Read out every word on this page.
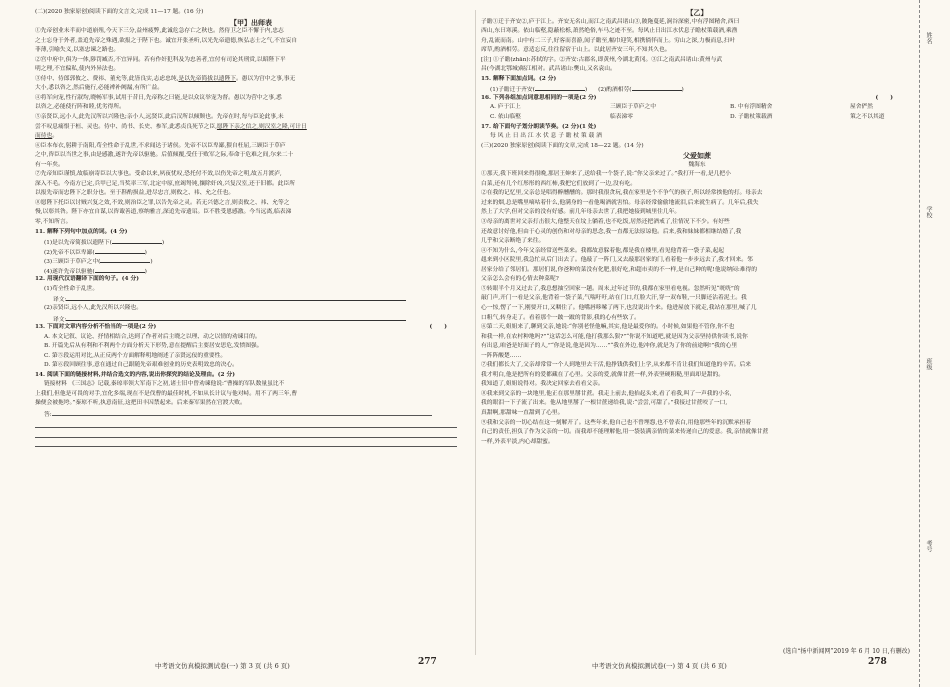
姓名
学校
班级
考号
(二)(2020 独家原创)阅读下面的文言文,完成 11—17 题。(16 分)
【甲】出师表
①先帝创业未半而中道崩殂,今天下三分,益州疲弊,此诚危急存亡之秋也。然侍卫之臣不懈于内,忠志
之士忘身于外者,盖追先帝之殊遇,欲报之于陛下也。诚宜开张圣听,以光先帝遗德,恢弘志士之气,不宜妄自
菲薄,引喻失义,以塞忠谏之路也。
②宫中府中,俱为一体,陟罚臧否,不宜异同。若有作奸犯科及为忠善者,宜付有司论其刑赏,以昭陛下平
明之理,不宜偏私,使内外异法也。
③侍中、侍郎郭攸之、费祎、董允等,此皆良实,志虑忠纯,是以先帝简拔以遗陛下。愚以为宫中之事,事无
大小,悉以咨之,然后施行,必能裨补阙漏,有所广益。
④将军向宠,性行淑均,晓畅军事,试用于昔日,先帝称之曰能,是以众议举宠为督。愚以为营中之事,悉
以咨之,必能使行阵和睦,优劣得所。
⑤亲贤臣,远小人,此先汉所以兴隆也;亲小人,远贤臣,此后汉所以倾颓也。先帝在时,每与臣论此事,未
尝不叹息痛恨于桓、灵也。侍中、尚书、长史、参军,此悉贞良死节之臣,愿陛下亲之信之,则汉室之隆,可计日
而待也。
⑥臣本布衣,躬耕于南阳,苟全性命于乱世,不求闻达于诸侯。先帝不以臣卑鄙,猥自枉屈,三顾臣于草庐
之中,咨臣以当世之事,由是感激,遂许先帝以驱驰。后值倾覆,受任于败军之际,奉命于危难之间,尔来二十
有一年矣。
⑦先帝知臣谨慎,故临崩寄臣以大事也。受命以来,夙夜忧叹,恐托付不效,以伤先帝之明,故五月渡泸,
深入不毛。今南方已定,兵甲已足,当奖率三军,北定中原,庶竭驽钝,攘除奸凶,兴复汉室,还于旧都。此臣所
以报先帝而忠陛下之职分也。至于斟酌损益,进尽忠言,则攸之、祎、允之任也。
⑧愿陛下托臣以讨贼兴复之效,不效,则治臣之罪,以告先帝之灵。若无兴德之言,则责攸之、祎、允等之
慢,以彰其咎。陛下亦宜自谋,以咨诹善道,察纳雅言,深追先帝遗诏。臣不胜受恩感激。今当远离,临表涕
零,不知所言。
11. 解释下列句中加点的词。(4 分)
(1)是以先帝简拔以遗陛下(	)
(2)先帝不以臣卑鄙(	)
(3)三顾臣于草庐之中(	)
(4)遂许先帝以驱驰(	)
12. 用现代汉语翻译下面的句子。(4 分)
(1)苟全性命于乱世。
译文:
(2)亲贤臣,远小人,此先汉所以兴隆也。
译文:
13. 下面对文章内容分析不恰当的一项是(2 分)	(      )
A. 本文记叙、议论、抒情相结合,达到了作者对后主晓之以理、动之以情的劝谏目的。
B. 开篇先后从有利和不利两个方面分析天下形势,意在提醒后主要居安思危,发愤图强。
C. 第⑤段运用对比,从正反两个方面解释明地阐述了亲贤远佞的重要性。
D. 第⑥段回顾往事,意在通过自己跟随先帝艰难创业的历史表明效忠的决心。
14. 阅读下面的链接材料,并结合选文的内容,说出你探究的结论及理由。(2 分)
链接材料 《三国志》记载,秦琼率领大军南下之初,诸士旧中曾劝谏他说:“曹操的军队数量虽比不
上我们,但他是可畏的对手,宜化多端,现在不是伐曹的最佳时机,不如从长计议与他对峙。用不了两三年,曹
操便会被拖垮。”秦琼不听,执意南征,这把田丰囚禁起来。后来秦军果然在官渡大败。
答:
中考语文仿真模拟测试卷(一) 第 3 页 (共 6 页)	277
【乙】
子瞻①迁于齐安②,庐于江上。齐安无名山,而江之南武昌诸山③,陂陁蔓延,涧谷深密,中有浮图精舍,西曰
西山,东曰寒溪。依山临壑,隐蔽松栎,萧然绝俗,车马之迹不至。每风止日出江水伏息子瞻杖策载酒,乘渔
舟,乱流而南。山中有二三子,好客而喜游,闻子瞻至,幅巾迎笑,相携徜徉而上。穷山之深,力极而息,扫叶
席草,酌酒相劳。意适忘反,往往留宿于山上。以此居齐安三年,不知其久也。
[注] ①子瞻(zhān):苏轼的字。②齐安:古郡名,即黄州,今湖北黄冈。③江之南武昌诸山:黄州与武
昌(今湖北鄂城)隔江相对。武昌诸山:樊山,又名袁山。
15. 解释下面加点词。(2 分)
(1)子瞻迁于齐安(	)      (2)酌酒相劳(	)
16. 下列各组加点词意思相同的一项是(2 分)	(      )
A. 庐于江上	三顾臣于草庐之中	B. 中有浮图精舍	屋舍俨然
C. 依山临壑	临表涕零	D. 子瞻杖策载酒	策之不以其道
17. 给下面句子划分朗读节奏。(2 分)(1 处)
每 风 止 日 出 江 水 伏 息 子 瞻 杖 策 载 酒
(三)(2020 独家原创)阅读下面的文章,完成 18—22 题。(14 分)
父爱如蔗
魏海东
①那天,我下班回来得很晚,那居王婶来了,送给我一个袋子,说:“你父亲来过了。”我打开一看,是几把小
白菜,还有几个红彤彤的西红柿,我把它们放到了一边,没有吃。
②在我的记忆里,父亲总是唱得醉醺醺的。那时我很贪玩,我在家里是个不争气的孩子,所以经常挨他的打。母亲去
过来的烟,总是嘴里嘀咕着什么,他满身的一看他喝酒就害怕。母亲经常偷偷地流泪,后来就生病了。几年后,我失
然上了大学,但对父亲的没有好感。前几年母亲去世了,我把她接到城里住几年。
③母亲的离世对父亲打击很大,他整天在坟上躺着,也不吃饭,居然还把酒戒了,往情况下不少。有好些
还故意讨好他,但由于心灵的创伤和对母亲的思念,我一直都无法原谅他。后来,我和妹妹都相继结婚了,我
几乎和父亲断绝了来往。
④不知为什么,今年父亲经常送些菜来。我都故意躲着他,都是我在楼里,看见他背着一袋子菜,起起
趄来到小区院里,我急忙从后门出去了。他敲了一阵门,又去敲那居家的门,看着他一步步远去了,我才回来。邻
居家分给了邻居们。那居们说,你爸种的菜没有化肥,很好吃,和超市卖的不一样,是自己种的呢!他说纳闷:难得的
父亲怎么会有的心情去种菜呢?
⑤转眼半个月又过去了,我总想抽空回家一趟。周末,过年过节的,我都在家里看电视。忽然听见“咣咣”的
敲门声,开门一看是父亲,他背着一袋子菜,气喘吁吁,站在门口,红脸大汗,穿一双布鞋,一只脚还沾着泥土。我
心一惊,愣了一下,刚要开口,又咽住了。他嘴唇哆嗦了两下,也没说出个来。他进屋放下就走,我站在那里,喊了几
口粗气,转身走了。看着那个一跛一跛的背影,我的心有些软了。
⑥第二天,姐姐来了,聊到父亲,她说:“你别老怪他嘛,其实,他是最爱你的。小时候,如果他不管你,你不也
和我一样,在农村种地吗?”“这话怎么可能,他打我那么狠?”“你说不知道吧,就是因为父亲坚持供你读书,说你
有出息,咱爸是好面子的人,”“你是说,他是因为……”“我在外边,他冲你,就是为了你的前途啊!”我的心里
一阵阵酸楚……
⑦我们都长大了,父亲却常常一个人到地里去干活,他挣钱供我们上学,从来都不肯让我们知道他的辛苦。后来
我才明白,他是把所有的爱都藏在了心里。父亲的爱,就像甘蔗一样,外表坚硬粗糙,里面却是甜的。
我知道了,姐姐说得对。我决定回家去看看父亲。
⑧我来到父亲的一块地里,他正在那里掰甘蔗。我走上前去,他抬起头来,看了看我,叫了一声我的小名,
我的眼泪一下子流了出来。他从地里掰了一根甘蔗递给我,说:“尝尝,可甜了。”我接过甘蔗咬了一口,
真甜啊,那甜味一直甜到了心里。
⑨我和父亲的一切心结在这一刻解开了。这些年来,他自己也不曾埋怨,也不曾表白,用他那些年的沉默承担着
自己的责任,担负了作为父亲的一切。而我却不能理解他,用一袋装满亲情的菜来传递自己的爱意。我,亲情就像甘蔗
一样,外表平淡,内心却甜蜜。
(选自“扬中新闻网”2019 年 6 月 10 日,有删改)
中考语文仿真模拟测试卷(一) 第 4 页 (共 6 页)	278
